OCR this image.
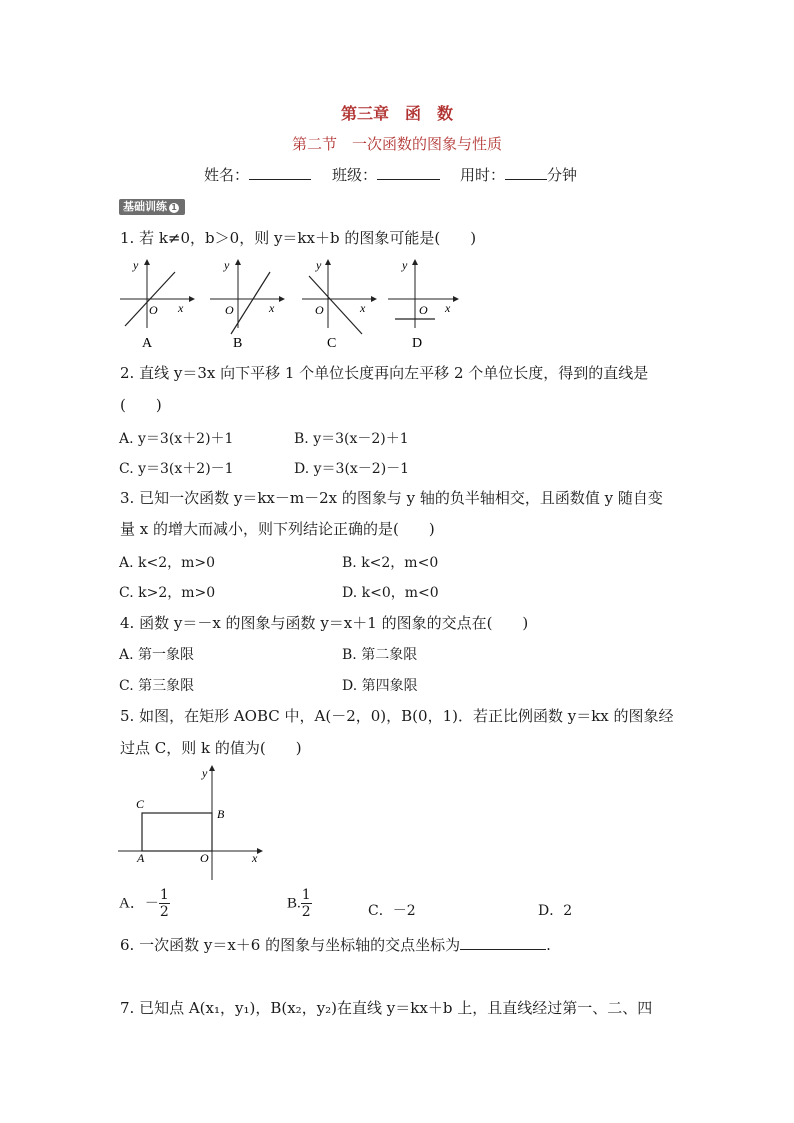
第三章　函　数
第二节　一次函数的图象与性质
姓名：	班级：	用时：	分钟
基础训练 1
1. 若 k≠0，b＞0，则 y＝kx＋b 的图象可能是(　　)
y
x
O
A
y
x
O
B
y
x
O
C
y
x
O
D
2. 直线 y＝3x 向下平移 1 个单位长度再向左平移 2 个单位长度，得到的直线是
(　　)
A. y＝3(x＋2)＋1	B. y＝3(x－2)＋1
C. y＝3(x＋2)－1	D. y＝3(x－2)－1
3. 已知一次函数 y＝kx－m－2x 的图象与 y 轴的负半轴相交，且函数值 y 随自变
量 x 的增大而减小，则下列结论正确的是(　　)
A. k<2，m>0	B. k<2，m<0
C. k>2，m>0	D. k<0，m<0
4. 函数 y＝－x 的图象与函数 y＝x＋1 的图象的交点在(　　)
A. 第一象限	B. 第二象限
C. 第三象限	D. 第四象限
5. 如图，在矩形 AOBC 中，A(－2，0)，B(0，1)．若正比例函数 y＝kx 的图象经
过点 C，则 k 的值为(　　)
y
x
O
A
B
C
A．－ $\frac{1}{2}$	B. $\frac{1}{2}$	C．－2	D．2
6. 一次函数 y＝x＋6 的图象与坐标轴的交点坐标为	.
7. 已知点 A(x₁，y₁)，B(x₂，y₂)在直线 y＝kx＋b 上，且直线经过第一、二、四
